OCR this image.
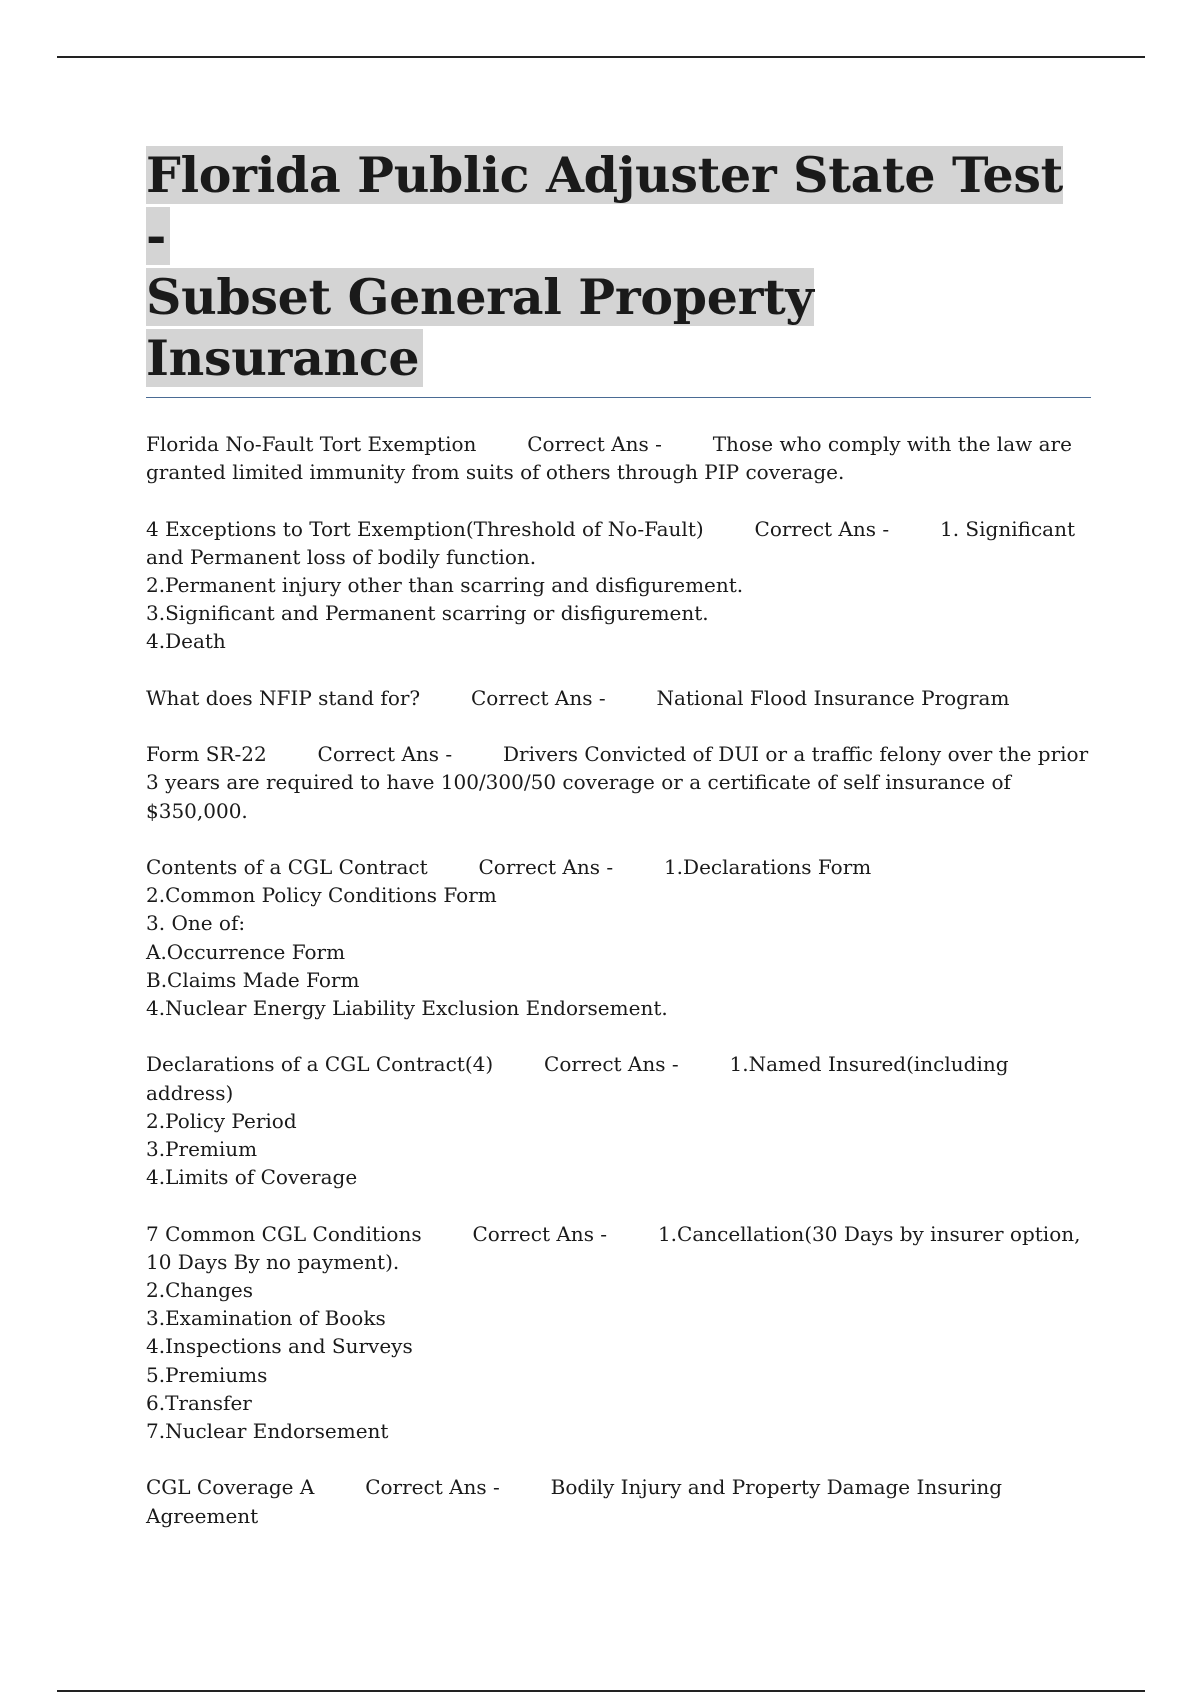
Florida Public Adjuster State Test -
Subset General Property Insurance
Florida No-Fault Tort Exemption	Correct Ans -	Those who comply with the law are granted limited immunity from suits of others through PIP coverage.
4 Exceptions to Tort Exemption(Threshold of No-Fault)	Correct Ans -	1. Significant and Permanent loss of bodily function.
2.Permanent injury other than scarring and disfigurement.
3.Significant and Permanent scarring or disfigurement.
4.Death
What does NFIP stand for?	Correct Ans -	National Flood Insurance Program
Form SR-22	Correct Ans -	Drivers Convicted of DUI or a traffic felony over the prior 3 years are required to have 100/300/50 coverage or a certificate of self insurance of $350,000.
Contents of a CGL Contract	Correct Ans -	1.Declarations Form
2.Common Policy Conditions Form
3. One of:
A.Occurrence Form
B.Claims Made Form
4.Nuclear Energy Liability Exclusion Endorsement.
Declarations of a CGL Contract(4)	Correct Ans -	1.Named Insured(including address)
2.Policy Period
3.Premium
4.Limits of Coverage
7 Common CGL Conditions	Correct Ans -	1.Cancellation(30 Days by insurer option, 10 Days By no payment).
2.Changes
3.Examination of Books
4.Inspections and Surveys
5.Premiums
6.Transfer
7.Nuclear Endorsement
CGL Coverage A	Correct Ans -	Bodily Injury and Property Damage Insuring Agreement
